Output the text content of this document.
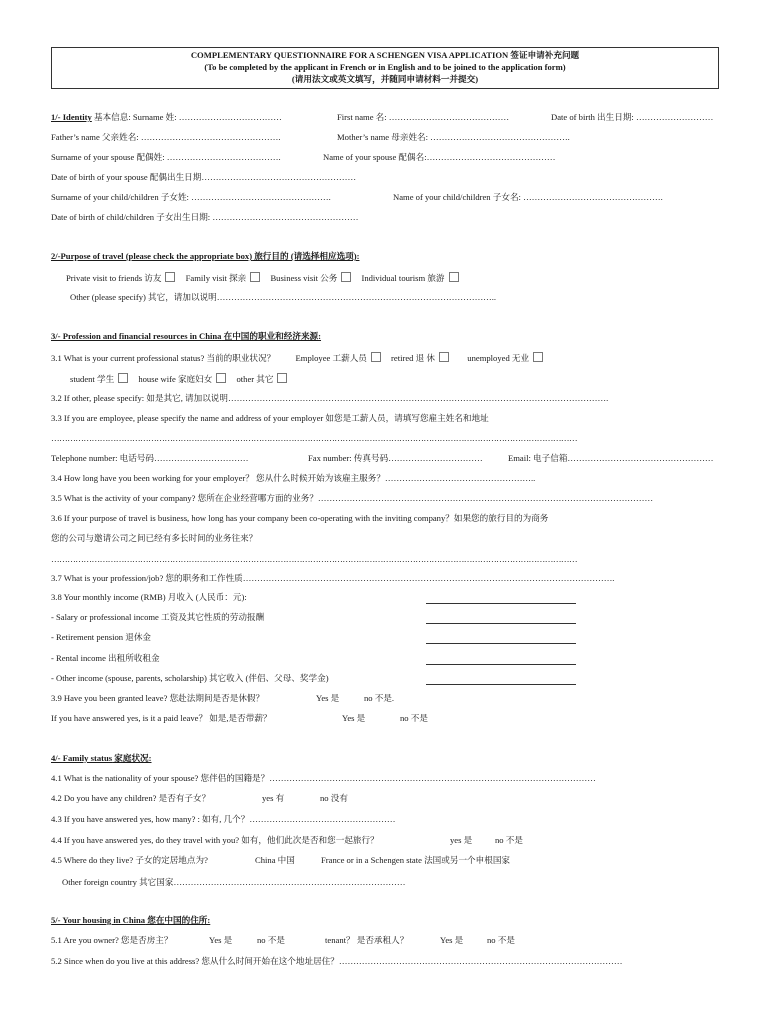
COMPLEMENTARY QUESTIONNAIRE FOR A SCHENGEN VISA APPLICATION 签证申请补充问题
(To be completed by the applicant in French or in English and to be joined to the application form)
(请用法文或英文填写，并随同申请材料一并提交)
1/- Identity 基本信息: Surname 姓: ………………………………	First name 名: ……………………………………	Date of birth 出生日期: ………………………
Father’s name 父亲姓名: ………………………………………….	Mother’s name 母亲姓名: ………………………………………….
Surname of your spouse 配偶姓: ………………………………….	Name of your spouse 配偶名:………………………………………
Date of birth of your spouse 配偶出生日期………………………………………………
Surname of your child/children 子女姓: ………………………………………….	Name of your child/children 子女名: ………………………………………….
Date of birth of child/children 子女出生日期: ……………………………………………
2/-Purpose of travel (please check the appropriate box) 旅行目的 (请选择相应选项):
Private visit to friends 访友	Family visit 探亲	Business visit 公务	Individual tourism 旅游
Other (please specify) 其它，请加以说明……………………………………………………………………………………..
3/- Profession and financial resources in China 在中国的职业和经济来源:
3.1 What is your current professional status? 当前的职业状况？ Employee 工薪人员	retired 退 休	unemployed 无业
student 学生	house wife 家庭妇女	other 其它
3.2 If other, please specify: 如是其它, 请加以说明…………………………………………………………………………………………………………………….
3.3 If you are employee, please specify the name and address of your employer 如您是工薪人员，请填写您雇主姓名和地址
……………………………………………………………………………………………………………………………………………………………………………
Telephone number: 电话号码……………………………	Fax number: 传真号码……………………………	Email: 电子信箱……………………………………………
3.4 How long have you been working for your employer？ 您从什么时候开始为该雇主服务？……………………………………………..
3.5 What is the activity of your company? 您所在企业经营哪方面的业务？………………………………………………………………………………………………………
3.6 If your purpose of travel is business, how long has your company been co-operating with the inviting company？如果您的旅行目的为商务
您的公司与邀请公司之间已经有多长时间的业务往来？
……………………………………………………………………………………………………………………………………………………………………………
3.7 What is your profession/job? 您的职务和工作性质………………………………………………………………………………………………………………….
3.8 Your monthly income (RMB) 月收入 (人民币：元):
- Salary or professional income 工资及其它性质的劳动报酬
- Retirement pension 退休金
- Rental income 出租所收租金
- Other income (spouse, parents, scholarship) 其它收入 (伴侣、父母、奖学金)
3.9 Have you been granted leave? 您赴法期间是否是休假？	Yes 是	no 不是.
If you have answered yes, is it a paid leave？ 如是,是否带薪？	Yes 是	no 不是
4/- Family status 家庭状况:
4.1 What is the nationality of your spouse? 您伴侣的国籍是？……………………………………………………………………………………………………
4.2 Do you have any children? 是否有子女？	yes 有	no 没有
4.3 If you have answered yes, how many? : 如有, 几个？……………………………………………
4.4 If you have answered yes, do they travel with you? 如有，他们此次是否和您一起旅行？	yes 是	no 不是
4.5 Where do they live? 子女的定居地点为?	China 中国	France or in a Schengen state 法国或另一个申根国家
Other foreign country 其它国家………………………………………………………………………
5/- Your housing in China 您在中国的住所:
5.1 Are you owner? 您是否房主？	Yes 是	no 不是	tenant？ 是否承租人？	Yes 是	no 不是
5.2 Since when do you live at this address? 您从什么时间开始在这个地址居住？………………………………………………………………………………………
